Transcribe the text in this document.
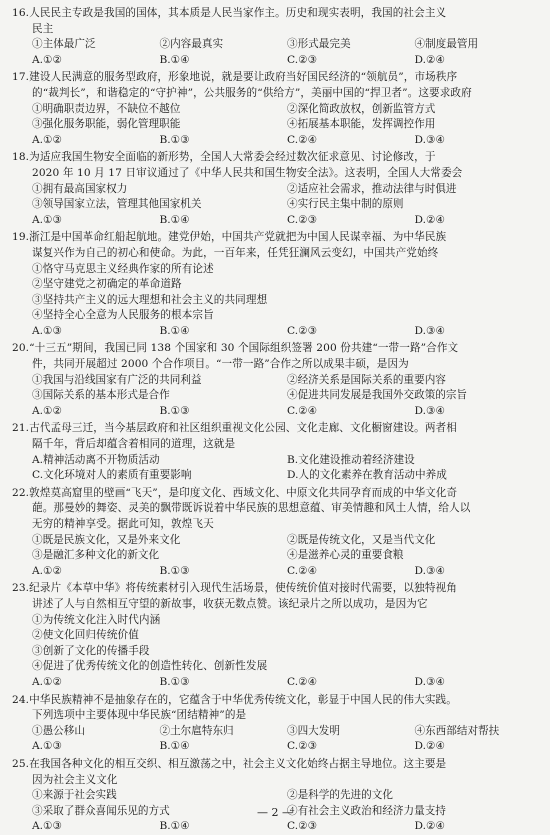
16.人民民主专政是我国的国体，其本质是人民当家作主。历史和现实表明，我国的社会主义
民主
①主体最广泛	②内容最真实	③形式最完美	④制度最管用
A.①②	B.①④	C.②③	D.②④
17.建设人民满意的服务型政府，形象地说，就是要让政府当好国民经济的“领航员”，市场秩序
的“裁判长”，和谐稳定的“守护神”，公共服务的“供给方”，美丽中国的“捍卫者”。这要求政府
①明确职责边界，不缺位不越位	②深化简政放权，创新监管方式
③强化服务职能，弱化管理职能	④拓展基本职能，发挥调控作用
A.①②	B.①③	C.②④	D.③④
18.为适应我国生物安全面临的新形势，全国人大常委会经过数次征求意见、讨论修改，于
2020 年 10 月 17 日审议通过了《中华人民共和国生物安全法》。这表明，全国人大常委会
①拥有最高国家权力	②适应社会需求，推动法律与时俱进
③领导国家立法，管理其他国家机关	④实行民主集中制的原则
A.①③	B.①④	C.②③	D.②④
19.浙江是中国革命红船起航地。建党伊始，中国共产党就把为中国人民谋幸福、为中华民族
谋复兴作为自己的初心和使命。为此，一百年来，任凭狂澜风云变幻，中国共产党始终
①恪守马克思主义经典作家的所有论述
②坚守建党之初确定的革命道路
③坚持共产主义的远大理想和社会主义的共同理想
④坚持全心全意为人民服务的根本宗旨
A.①③	B.①④	C.②③	D.③④
20.“十三五”期间，我国已同 138 个国家和 30 个国际组织签署 200 份共建“一带一路”合作文
件，共同开展超过 2000 个合作项目。“一带一路”合作之所以成果丰硕，是因为
①我国与沿线国家有广泛的共同利益	②经济关系是国际关系的重要内容
③国际关系的基本形式是合作	④促进共同发展是我国外交政策的宗旨
A.①②	B.①③	C.②④	D.③④
21.古代孟母三迁，当今基层政府和社区组织重视文化公园、文化走廊、文化橱窗建设。两者相
隔千年，背后却蕴含着相同的道理，这就是
A.精神活动离不开物质活动	B.文化建设推动着经济建设
C.文化环境对人的素质有重要影响	D.人的文化素养在教育活动中养成
22.敦煌莫高窟里的壁画“飞天”，是印度文化、西域文化、中原文化共同孕育而成的中华文化奇
葩。那曼妙的舞姿、灵美的飘带既诉说着中华民族的思想意蕴、审美情趣和风土人情，给人以
无穷的精神享受。据此可知，敦煌飞天
①既是民族文化，又是外来文化	②既是传统文化，又是当代文化
③是融汇多种文化的新文化	④是滋养心灵的重要食粮
A.①②	B.①③	C.②④	D.③④
23.纪录片《本草中华》将传统素材引入现代生活场景，使传统价值对接时代需要，以独特视角
讲述了人与自然相互守望的新故事，收获无数点赞。该纪录片之所以成功，是因为它
①为传统文化注入时代内涵
②使文化回归传统价值
③创新了文化的传播手段
④促进了优秀传统文化的创造性转化、创新性发展
A.①②	B.①③	C.②④	D.③④
24.中华民族精神不是抽象存在的，它蕴含于中华优秀传统文化，彰显于中国人民的伟大实践。
下列选项中主要体现中华民族“团结精神”的是
①愚公移山	②土尔扈特东归	③四大发明	④东西部结对帮扶
A.①③	B.①④	C.②③	D.②④
25.在我国各种文化的相互交织、相互激荡之中，社会主义文化始终占据主导地位。这主要是
因为社会主义文化
①来源于社会实践	②是科学的先进的文化
③采取了群众喜闻乐见的方式	④有社会主义政治和经济力量支持
A.①③	B.①④	C.②③	D.②④
— 2 —
